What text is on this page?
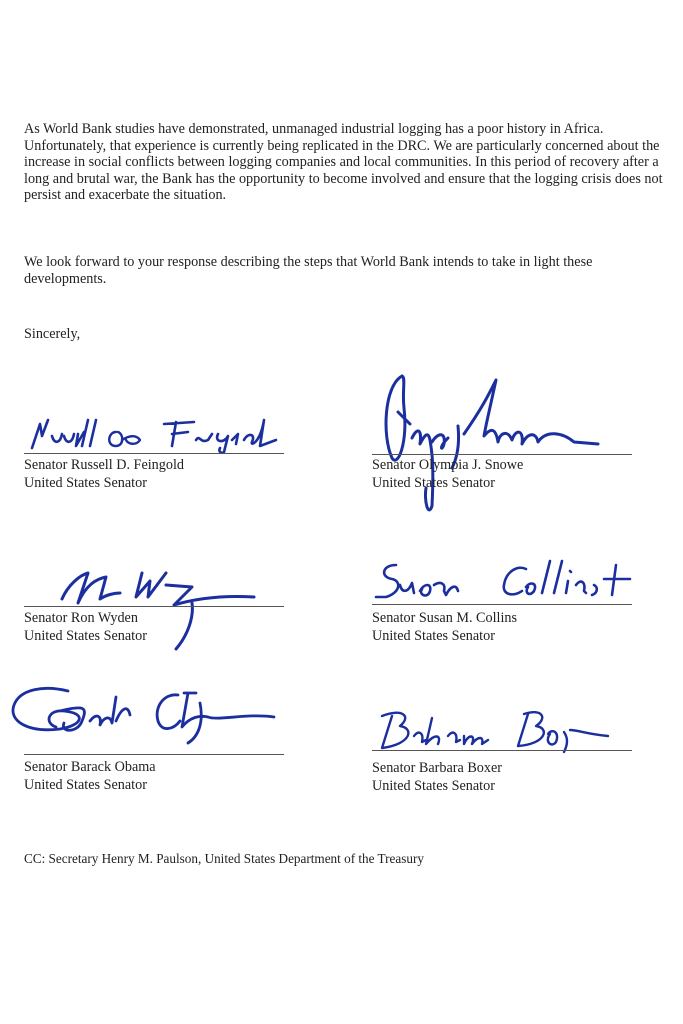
As World Bank studies have demonstrated, unmanaged industrial logging has a poor history in Africa. Unfortunately, that experience is currently being replicated in the DRC. We are particularly concerned about the increase in social conflicts between logging companies and local communities. In this period of recovery after a long and brutal war, the Bank has the opportunity to become involved and ensure that the logging crisis does not persist and exacerbate the situation.

We look forward to your response describing the steps that World Bank intends to take in light these developments.

Sincerely,
Senator Russell D. Feingold
United States Senator
Senator Olympia J. Snowe
United States Senator
Senator Ron Wyden
United States Senator
Senator Susan M. Collins
United States Senator
Senator Barack Obama
United States Senator
Senator Barbara Boxer
United States Senator
CC: Secretary Henry M. Paulson, United States Department of the Treasury
